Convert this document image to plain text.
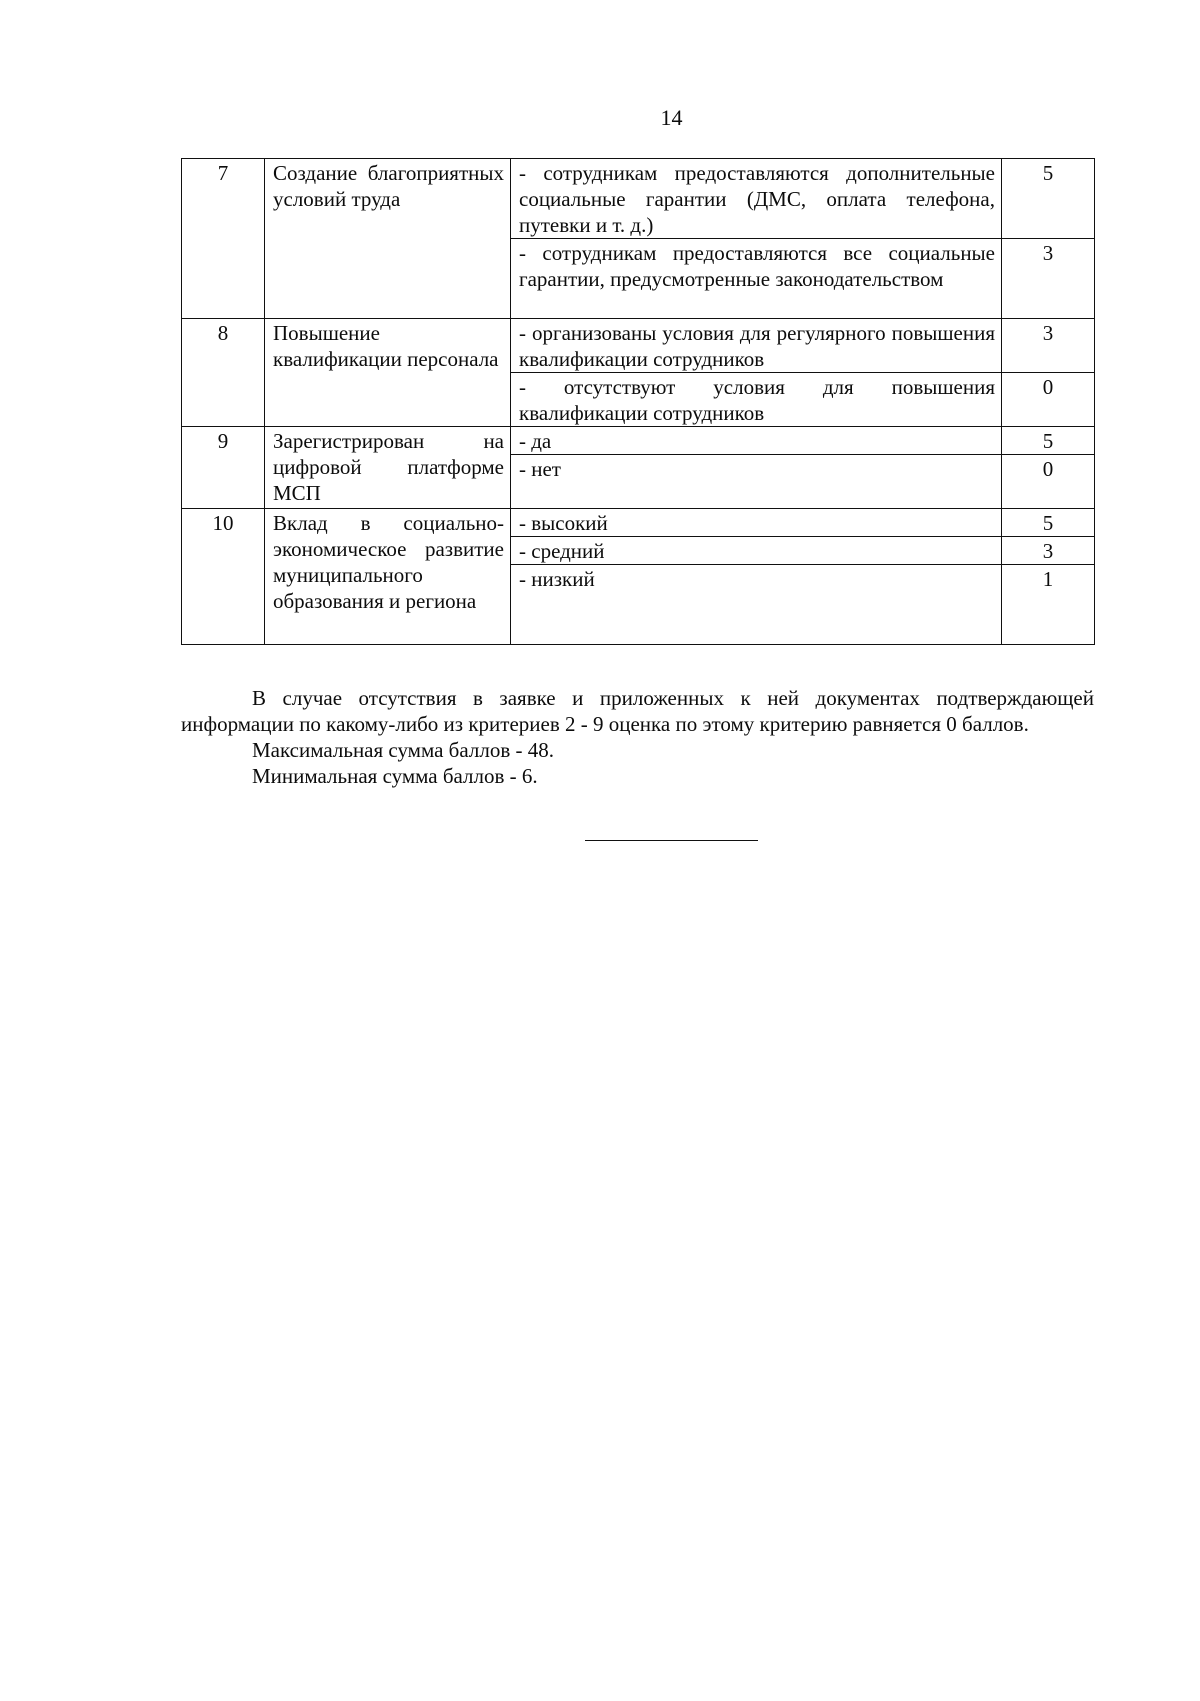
14
7	Создание благоприятных условий труда	- сотрудникам предоставляются дополнительные социальные гарантии (ДМС, оплата телефона, путевки и т. д.)	5
		- сотрудникам предоставляются все социальные гарантии, предусмотренные законодательством	3
8	Повышение квалификации персонала	- организованы условия для регулярного повышения квалификации сотрудников	3
		- отсутствуют условия для повышения квалификации сотрудников	0
9	Зарегистрирован на цифровой платформе МСП	- да	5
		- нет	0
10	Вклад в социально-экономическое развитие муниципального образования и региона	- высокий	5
		- средний	3
		- низкий	1

В случае отсутствия в заявке и приложенных к ней документах подтверждающей информации по какому-либо из критериев 2 - 9 оценка по этому критерию равняется 0 баллов.

Максимальная сумма баллов - 48.

Минимальная сумма баллов - 6.
